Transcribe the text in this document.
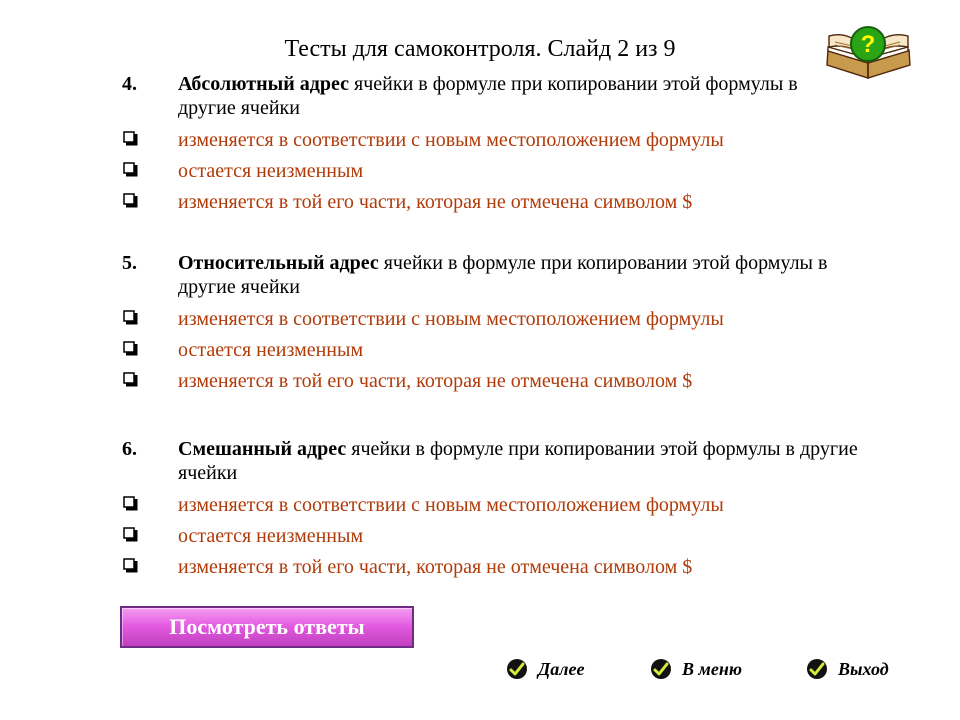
Тесты для самоконтроля. Слайд 2 из 9	?
4. Абсолютный адрес ячейки в формуле при копировании этой формулы в другие ячейки
изменяется в соответствии с новым местоположением формулы
остается неизменным
изменяется в той его части, которая не отмечена символом $
5. Относительный адрес ячейки в формуле при копировании этой формулы в другие ячейки
изменяется в соответствии с новым местоположением формулы
остается неизменным
изменяется в той его части, которая не отмечена символом $
6. Смешанный адрес ячейки в формуле при копировании этой формулы в другие ячейки
изменяется в соответствии с новым местоположением формулы
остается неизменным
изменяется в той его части, которая не отмечена символом $
Посмотреть ответы
Далее	В меню	Выход
